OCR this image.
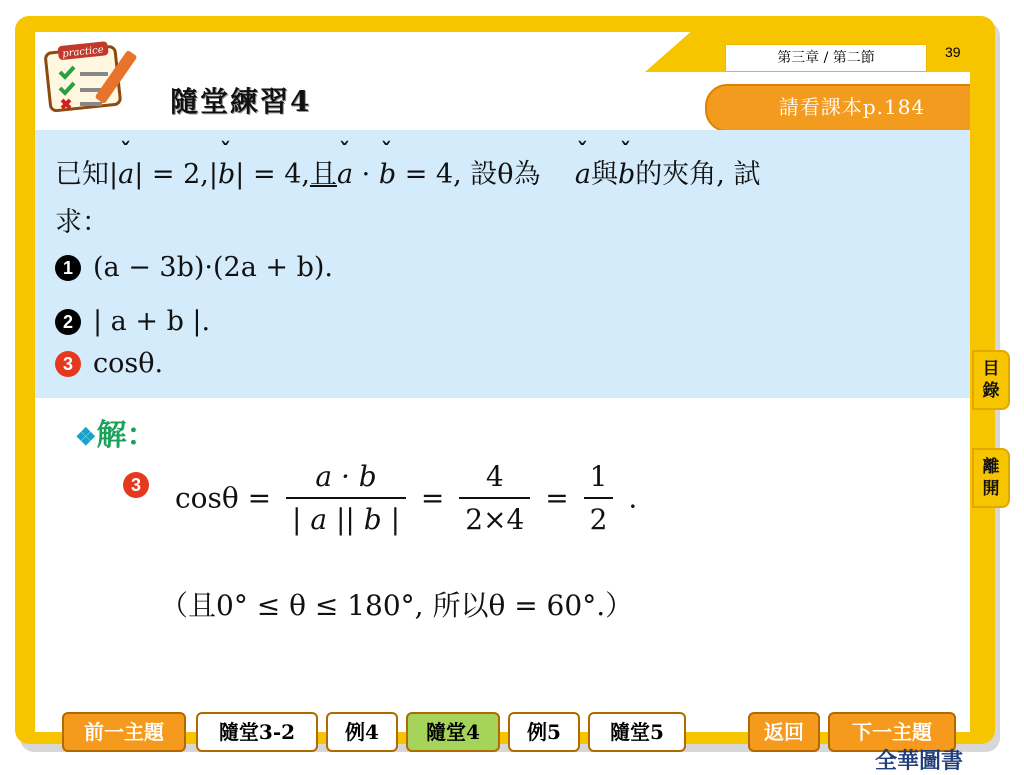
第三章 / 第二節	39
practice
隨堂練習4	請看課本p.184
已知|ˇ a| = 2,|ˇ b| = 4,且ˇ a · ˇ b = 4, 設θ為    ˇ a與ˇ b的夾角, 試
求：
1 (a − 3b)·(2a + b).
2 | a + b |.
3 cosθ.
❖解：
3 $\cos\theta = \frac{a \cdot b}{| a || b |} = \frac{4}{2\times 4} = \frac{1}{2}$ .
（且0° ≤ θ ≤ 180°, 所以θ = 60°.）
目錄
離開
前一主題	隨堂3-2	例4	隨堂4	例5	隨堂5	返回	下一主題
全華圖書
